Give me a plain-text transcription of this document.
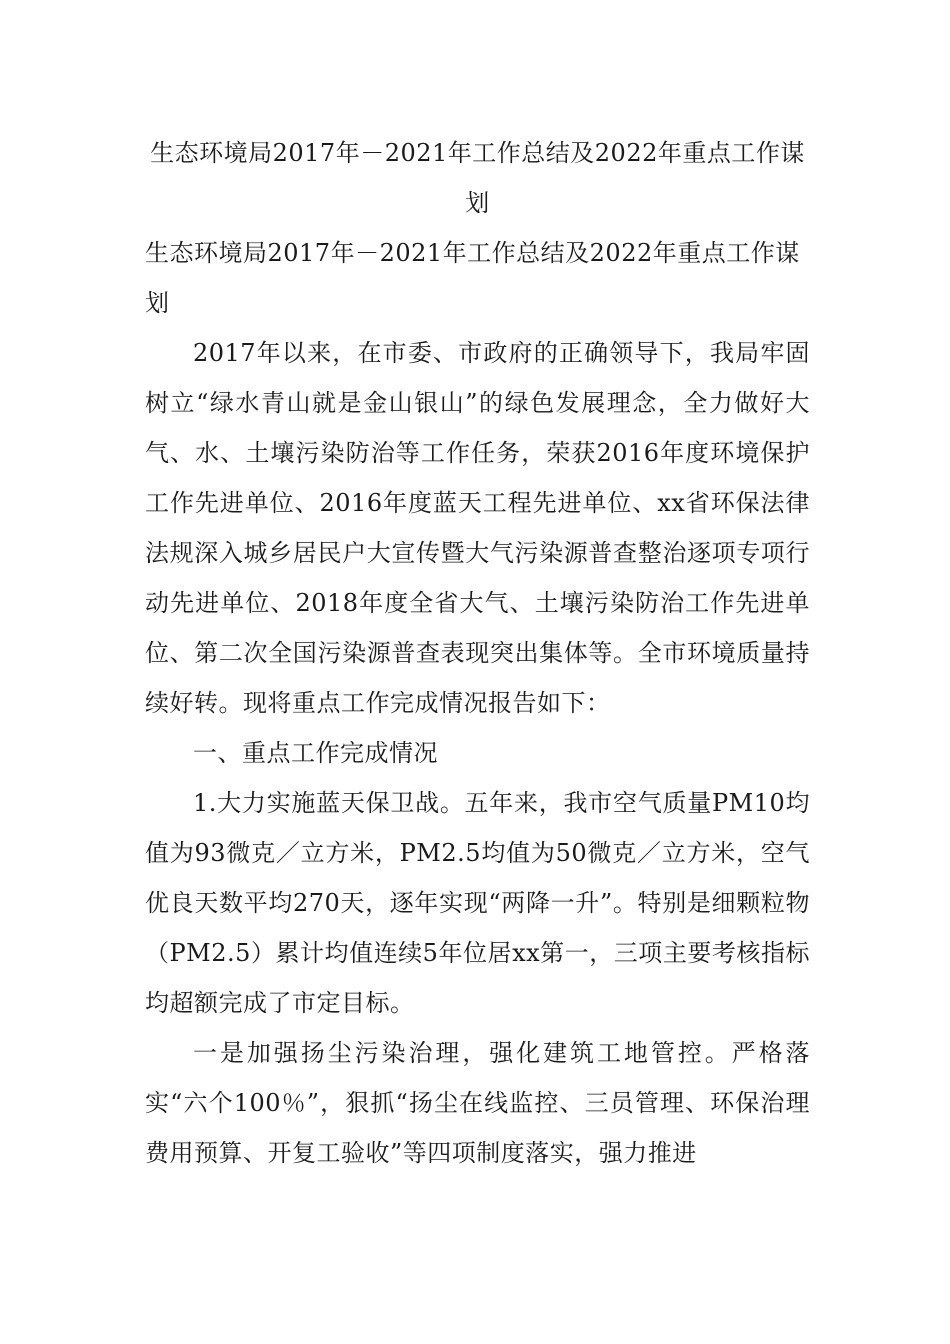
生态环境局2017年－2021年工作总结及2022年重点工作谋划

生态环境局2017年－2021年工作总结及2022年重点工作谋划

2017年以来，在市委、市政府的正确领导下，我局牢固树立“绿水青山就是金山银山”的绿色发展理念，全力做好大气、水、土壤污染防治等工作任务，荣获2016年度环境保护工作先进单位、2016年度蓝天工程先进单位、xx省环保法律法规深入城乡居民户大宣传暨大气污染源普查整治逐项专项行动先进单位、2018年度全省大气、土壤污染防治工作先进单位、第二次全国污染源普查表现突出集体等。全市环境质量持续好转。现将重点工作完成情况报告如下：

一、重点工作完成情况

1.大力实施蓝天保卫战。五年来，我市空气质量PM10均值为93微克／立方米，PM2.5均值为50微克／立方米，空气优良天数平均270天，逐年实现“两降一升”。特别是细颗粒物（PM2.5）累计均值连续5年位居xx第一，三项主要考核指标均超额完成了市定目标。

一是加强扬尘污染治理，强化建筑工地管控。严格落实“六个100％”，狠抓“扬尘在线监控、三员管理、环保治理费用预算、开复工验收”等四项制度落实，强力推进
